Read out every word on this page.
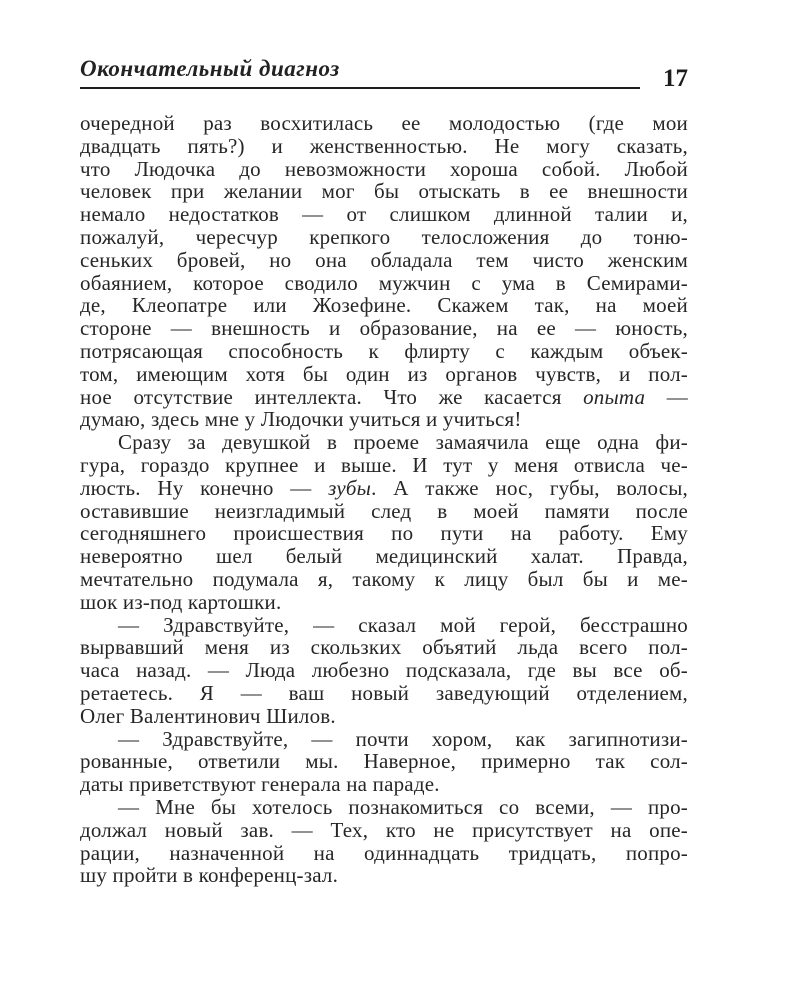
Окончательный диагноз	17
очередной раз восхитилась ее молодостью (где мои
двадцать пять?) и женственностью. Не могу сказать,
что Людочка до невозможности хороша собой. Любой
человек при желании мог бы отыскать в ее внешности
немало недостатков — от слишком длинной талии и,
пожалуй, чересчур крепкого телосложения до тоню-
сеньких бровей, но она обладала тем чисто женским
обаянием, которое сводило мужчин с ума в Семирами-
де, Клеопатре или Жозефине. Скажем так, на моей
стороне — внешность и образование, на ее — юность,
потрясающая способность к флирту с каждым объек-
том, имеющим хотя бы один из органов чувств, и пол-
ное отсутствие интеллекта. Что же касается опыта —
думаю, здесь мне у Людочки учиться и учиться!
Сразу за девушкой в проеме замаячила еще одна фи-
гура, гораздо крупнее и выше. И тут у меня отвисла че-
люсть. Ну конечно — зубы. А также нос, губы, волосы,
оставившие неизгладимый след в моей памяти после
сегодняшнего происшествия по пути на работу. Ему
невероятно шел белый медицинский халат. Правда,
мечтательно подумала я, такому к лицу был бы и ме-
шок из-под картошки.
— Здравствуйте, — сказал мой герой, бесстрашно
вырвавший меня из скользких объятий льда всего пол-
часа назад. — Люда любезно подсказала, где вы все об-
ретаетесь. Я — ваш новый заведующий отделением,
Олег Валентинович Шилов.
— Здравствуйте, — почти хором, как загипнотизи-
рованные, ответили мы. Наверное, примерно так сол-
даты приветствуют генерала на параде.
— Мне бы хотелось познакомиться со всеми, — про-
должал новый зав. — Тех, кто не присутствует на опе-
рации, назначенной на одиннадцать тридцать, попро-
шу пройти в конференц-зал.
